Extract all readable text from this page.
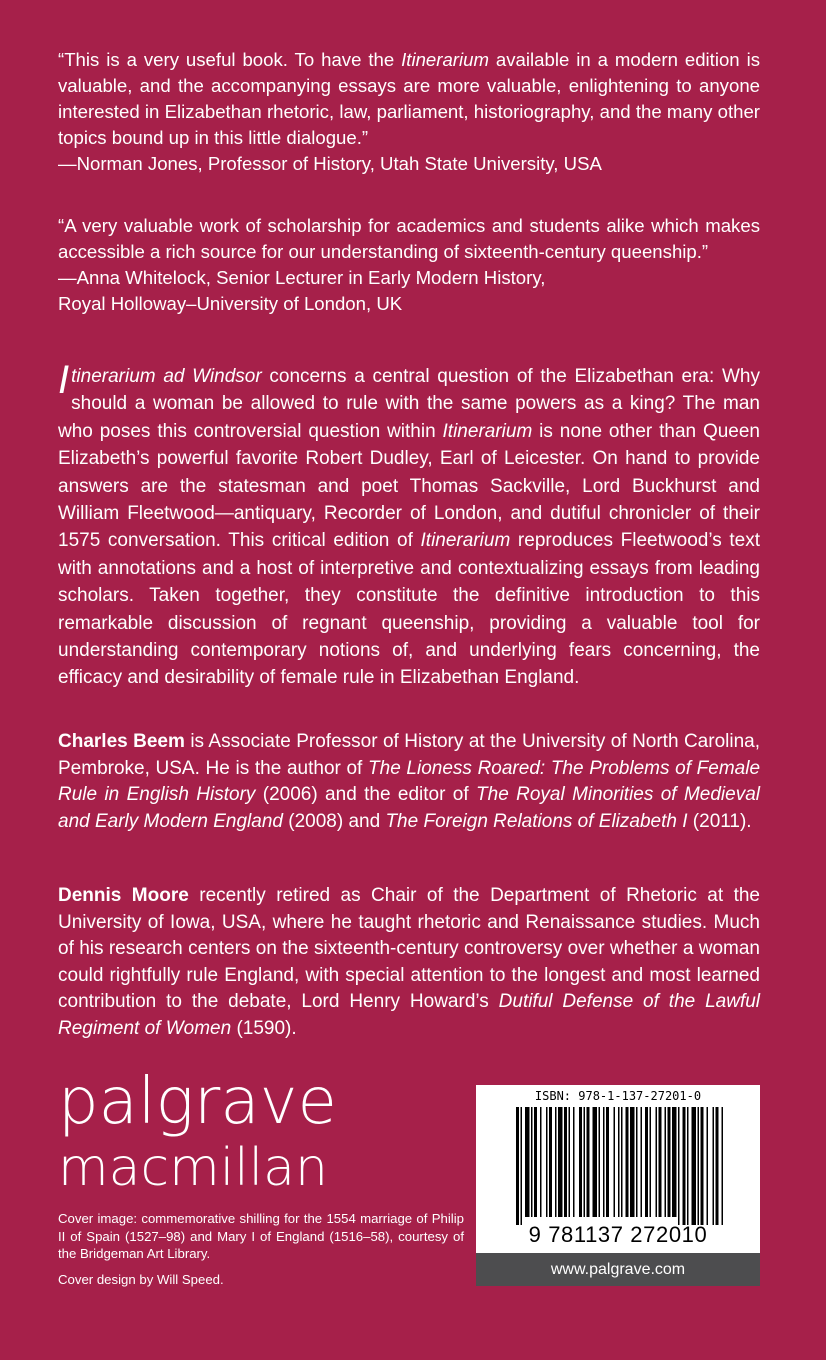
“This is a very useful book. To have the Itinerarium available in a modern edition is valuable, and the accompanying essays are more valuable, enlightening to anyone interested in Elizabethan rhetoric, law, parliament, historiography, and the many other topics bound up in this little dialogue.”

—Norman Jones, Professor of History, Utah State University, USA

“A very valuable work of scholarship for academics and students alike which makes accessible a rich source for our understanding of sixteenth-century queenship.”

—Anna Whitelock, Senior Lecturer in Early Modern History,

Royal Holloway–University of London, UK

Itinerarium ad Windsor concerns a central question of the Elizabethan era: Why should a woman be allowed to rule with the same powers as a king? The man who poses this controversial question within Itinerarium is none other than Queen Elizabeth’s powerful favorite Robert Dudley, Earl of Leicester. On hand to provide answers are the statesman and poet Thomas Sackville, Lord Buckhurst and William Fleetwood—antiquary, Recorder of London, and dutiful chronicler of their 1575 conversation. This critical edition of Itinerarium reproduces Fleetwood’s text with annotations and a host of interpretive and contextualizing essays from leading scholars. Taken together, they constitute the definitive introduction to this remarkable discussion of regnant queenship, providing a valuable tool for understanding contemporary notions of, and underlying fears concerning, the efficacy and desirability of female rule in Elizabethan England.

Charles Beem is Associate Professor of History at the University of North Carolina, Pembroke, USA. He is the author of The Lioness Roared: The Problems of Female Rule in English History (2006) and the editor of The Royal Minorities of Medieval and Early Modern England (2008) and The Foreign Relations of Elizabeth I (2011).

Dennis Moore recently retired as Chair of the Department of Rhetoric at the University of Iowa, USA, where he taught rhetoric and Renaissance studies. Much of his research centers on the sixteenth-century controversy over whether a woman could rightfully rule England, with special attention to the longest and most learned contribution to the debate, Lord Henry Howard’s Dutiful Defense of the Lawful Regiment of Women (1590).

palgrave
macmillan

Cover image: commemorative shilling for the 1554 marriage of Philip II of Spain (1527–98) and Mary I of England (1516–58), courtesy of the Bridgeman Art Library.

Cover design by Will Speed.

ISBN: 978-1-137-27201-0
9 781137 272010
www.palgrave.com
